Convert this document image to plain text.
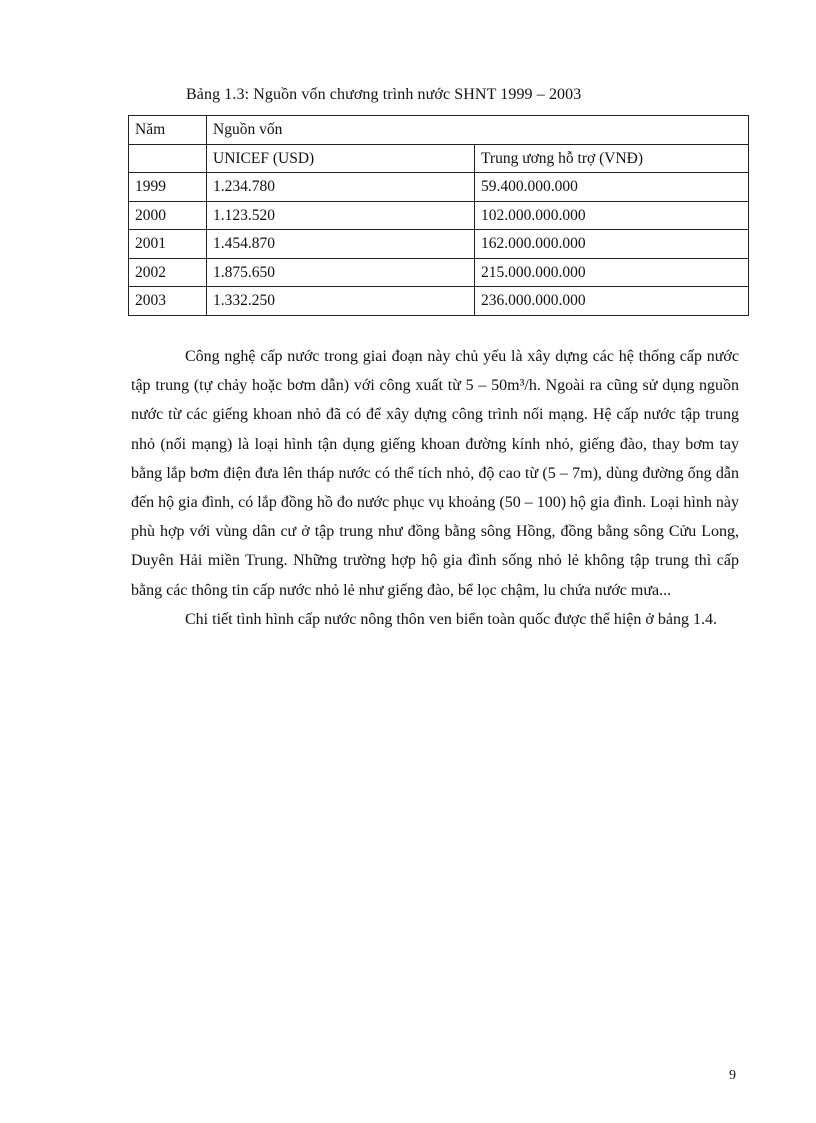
Bảng 1.3: Nguồn vốn chương trình nước SHNT 1999 – 2003
Năm	Nguồn vốn	
	UNICEF (USD)	Trung ương hỗ trợ (VNĐ)
1999	1.234.780	59.400.000.000
2000	1.123.520	102.000.000.000
2001	1.454.870	162.000.000.000
2002	1.875.650	215.000.000.000
2003	1.332.250	236.000.000.000

Công nghệ cấp nước trong giai đoạn này chủ yếu là xây dựng các hệ thống cấp nước tập trung (tự chảy hoặc bơm dẫn) với công xuất từ 5 – 50m³/h. Ngoài ra cũng sử dụng nguồn nước từ các giếng khoan nhỏ đã có để xây dựng công trình nối mạng. Hệ cấp nước tập trung nhỏ (nối mạng) là loại hình tận dụng giếng khoan đường kính nhỏ, giếng đào, thay bơm tay bằng lắp bơm điện đưa lên tháp nước có thể tích nhỏ, độ cao từ (5 – 7m), dùng đường ống dẫn đến hộ gia đình, có lắp đồng hồ đo nước phục vụ khoảng (50 – 100) hộ gia đình. Loại hình này phù hợp với vùng dân cư ở tập trung như đồng bằng sông Hồng, đồng bằng sông Cửu Long, Duyên Hải miền Trung. Những trường hợp hộ gia đình sống nhỏ lẻ không tập trung thì cấp bằng các thông tin cấp nước nhỏ lẻ như giếng đào, bể lọc chậm, lu chứa nước mưa...

Chi tiết tình hình cấp nước nông thôn ven biển toàn quốc được thể hiện ở bảng 1.4.

9
